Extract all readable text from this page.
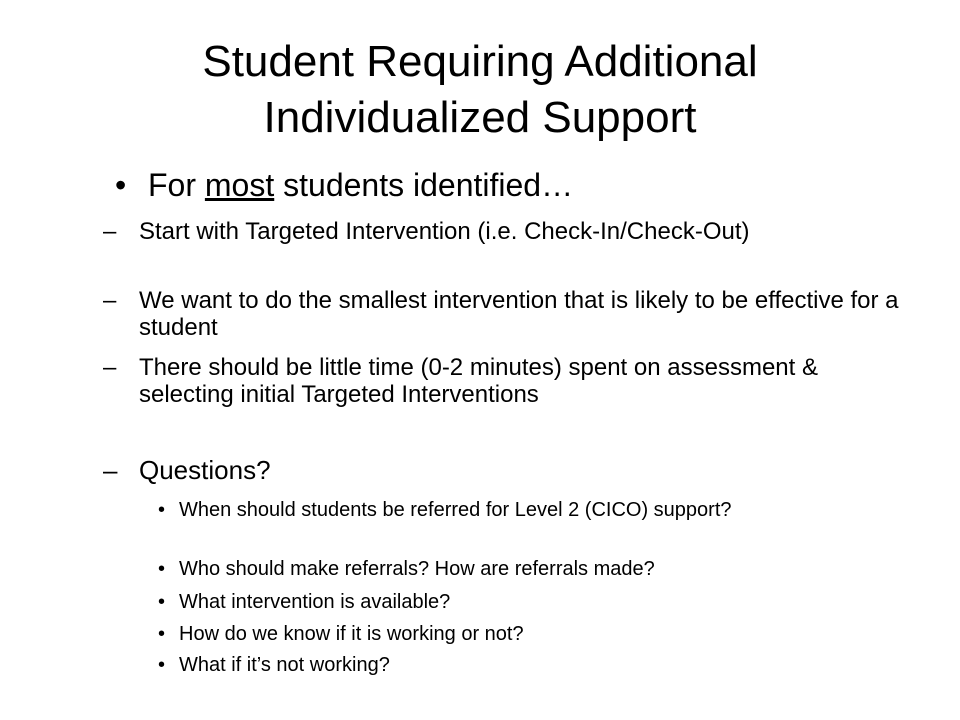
Student Requiring Additional
Individualized Support
• For most students identified…
– Start with Targeted Intervention (i.e. Check-In/Check-Out)
– We want to do the smallest intervention that is likely to be effective for a student
– There should be little time (0-2 minutes) spent on assessment & selecting initial Targeted Interventions
– Questions?
• When should students be referred for Level 2 (CICO) support?
• Who should make referrals? How are referrals made?
• What intervention is available?
• How do we know if it is working or not?
• What if it’s not working?
